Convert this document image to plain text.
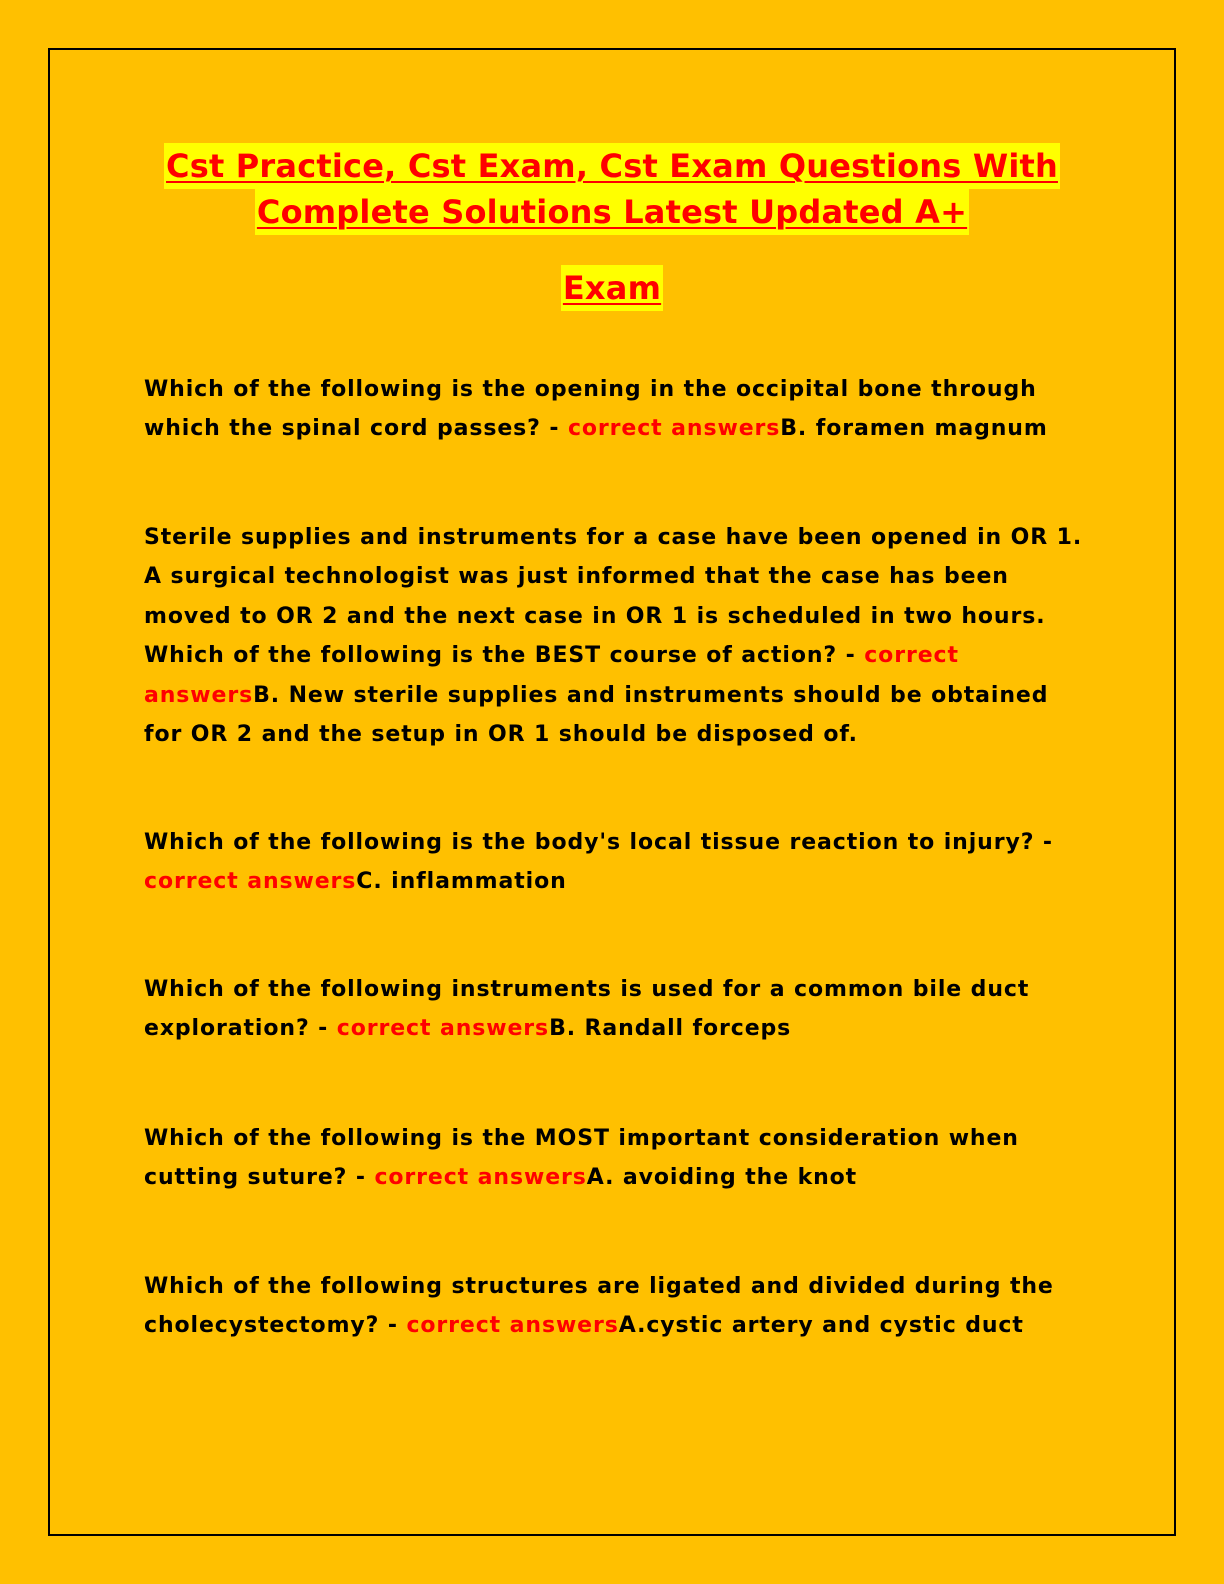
Cst Practice, Cst Exam, Cst Exam Questions With
Complete Solutions Latest Updated A+
Exam

Which of the following is the opening in the occipital bone through which the spinal cord passes? - correct answersB. foramen magnum

Sterile supplies and instruments for a case have been opened in OR 1. A surgical technologist was just informed that the case has been moved to OR 2 and the next case in OR 1 is scheduled in two hours. Which of the following is the BEST course of action? - correct answersB. New sterile supplies and instruments should be obtained for OR 2 and the setup in OR 1 should be disposed of.

Which of the following is the body's local tissue reaction to injury? - correct answersC. inflammation

Which of the following instruments is used for a common bile duct exploration? - correct answersB. Randall forceps

Which of the following is the MOST important consideration when cutting suture? - correct answersA. avoiding the knot

Which of the following structures are ligated and divided during the cholecystectomy? - correct answersA.cystic artery and cystic duct
